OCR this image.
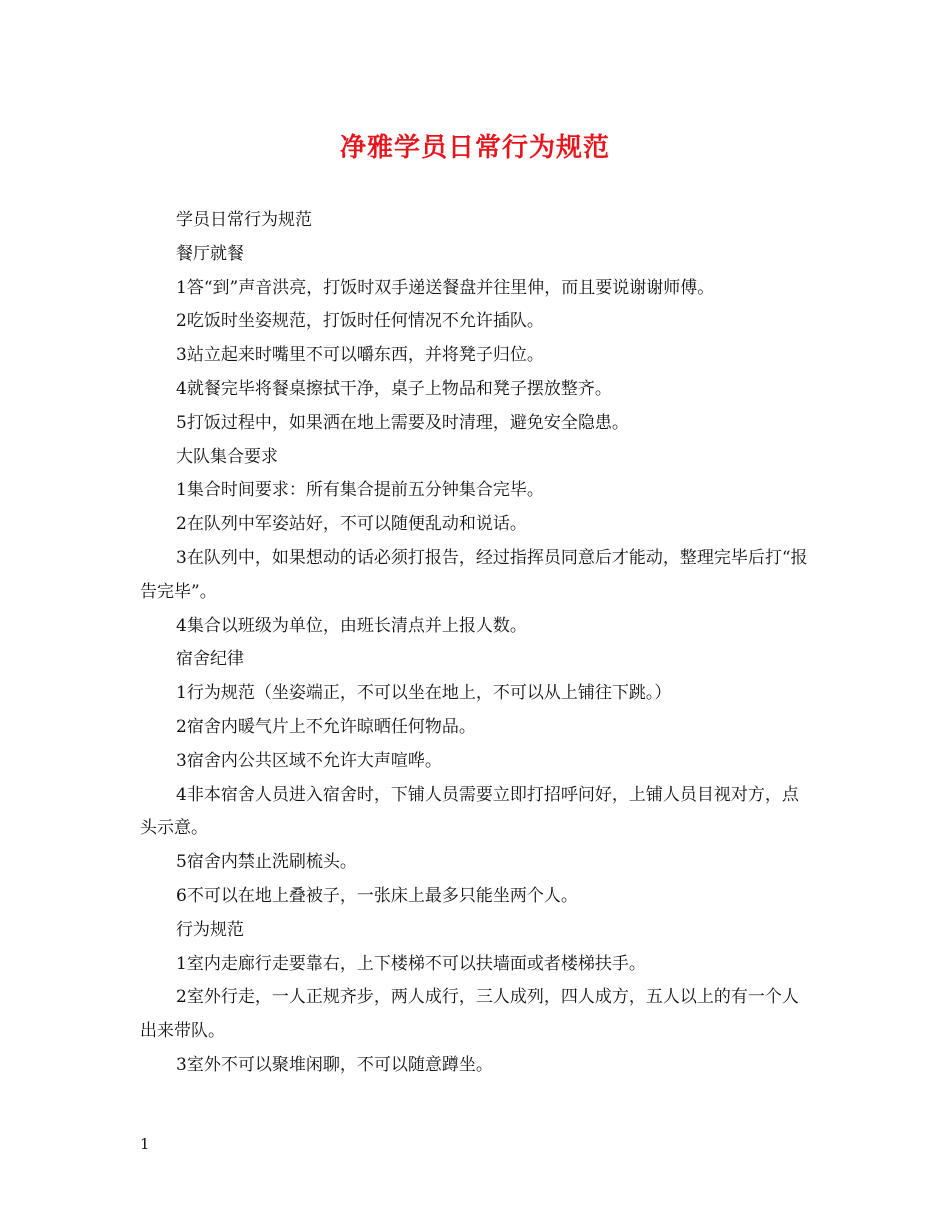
净雅学员日常行为规范

学员日常行为规范

餐厅就餐

1答“到”声音洪亮，打饭时双手递送餐盘并往里伸，而且要说谢谢师傅。

2吃饭时坐姿规范，打饭时任何情况不允许插队。

3站立起来时嘴里不可以嚼东西，并将凳子归位。

4就餐完毕将餐桌擦拭干净，桌子上物品和凳子摆放整齐。

5打饭过程中，如果洒在地上需要及时清理，避免安全隐患。

大队集合要求

1集合时间要求：所有集合提前五分钟集合完毕。

2在队列中军姿站好，不可以随便乱动和说话。

3在队列中，如果想动的话必须打报告，经过指挥员同意后才能动，整理完毕后打“报告完毕”。

4集合以班级为单位，由班长清点并上报人数。

宿舍纪律

1行为规范（坐姿端正，不可以坐在地上，不可以从上铺往下跳。）

2宿舍内暖气片上不允许晾晒任何物品。

3宿舍内公共区域不允许大声喧哗。

4非本宿舍人员进入宿舍时，下铺人员需要立即打招呼问好，上铺人员目视对方，点头示意。

5宿舍内禁止洗刷梳头。

6不可以在地上叠被子，一张床上最多只能坐两个人。

行为规范

1室内走廊行走要靠右，上下楼梯不可以扶墙面或者楼梯扶手。

2室外行走，一人正规齐步，两人成行，三人成列，四人成方，五人以上的有一个人出来带队。

3室外不可以聚堆闲聊，不可以随意蹲坐。

1
